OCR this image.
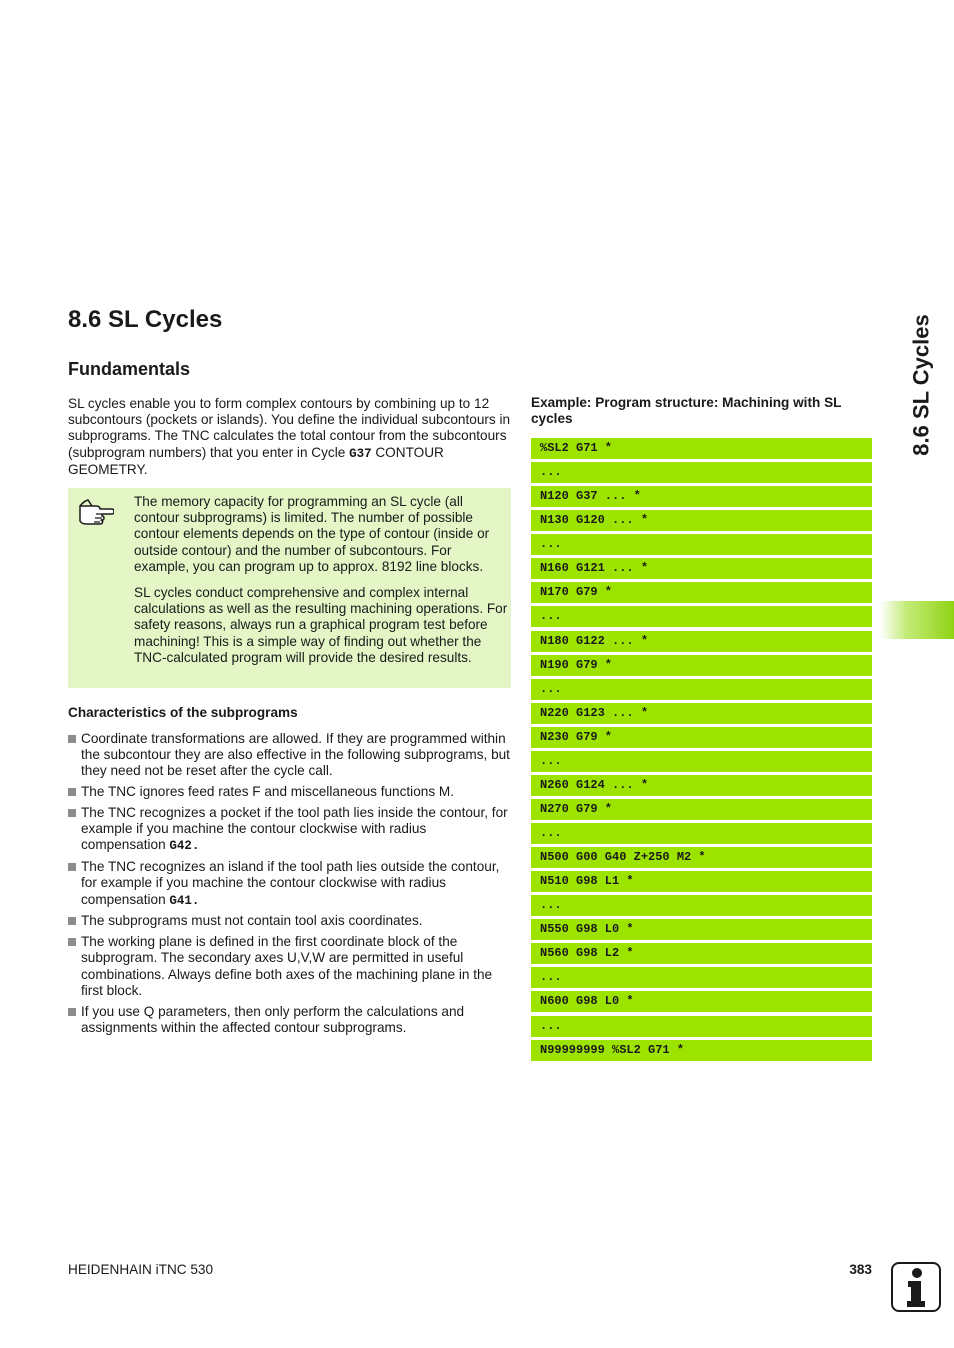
8.6 SL Cycles
Fundamentals
SL cycles enable you to form complex contours by combining up to 12 subcontours (pockets or islands). You define the individual subcontours in subprograms. The TNC calculates the total contour from the subcontours (subprogram numbers) that you enter in Cycle G37 CONTOUR GEOMETRY.

The memory capacity for programming an SL cycle (all contour subprograms) is limited. The number of possible contour elements depends on the type of contour (inside or outside contour) and the number of subcontours. For example, you can program up to approx. 8192 line blocks.

SL cycles conduct comprehensive and complex internal calculations as well as the resulting machining operations. For safety reasons, always run a graphical program test before machining! This is a simple way of finding out whether the TNC-calculated program will provide the desired results.

Characteristics of the subprograms
Coordinate transformations are allowed. If they are programmed within the subcontour they are also effective in the following subprograms, but they need not be reset after the cycle call.
The TNC ignores feed rates F and miscellaneous functions M.
The TNC recognizes a pocket if the tool path lies inside the contour, for example if you machine the contour clockwise with radius compensation G42.
The TNC recognizes an island if the tool path lies outside the contour, for example if you machine the contour clockwise with radius compensation G41.
The subprograms must not contain tool axis coordinates.
The working plane is defined in the first coordinate block of the subprogram. The secondary axes U,V,W are permitted in useful combinations. Always define both axes of the machining plane in the first block.
If you use Q parameters, then only perform the calculations and assignments within the affected contour subprograms.
Example: Program structure: Machining with SL cycles
%SL2 G71 *
...
N120 G37 ... *
N130 G120 ... *
...
N160 G121 ... *
N170 G79 *
...
N180 G122 ... *
N190 G79 *
...
N220 G123 ... *
N230 G79 *
...
N260 G124 ... *
N270 G79 *
...
N500 G00 G40 Z+250 M2 *
N510 G98 L1 *
...
N550 G98 L0 *
N560 G98 L2 *
...
N600 G98 L0 *
...
N99999999 %SL2 G71 *
8.6 SL Cycles
HEIDENHAIN iTNC 530	383
